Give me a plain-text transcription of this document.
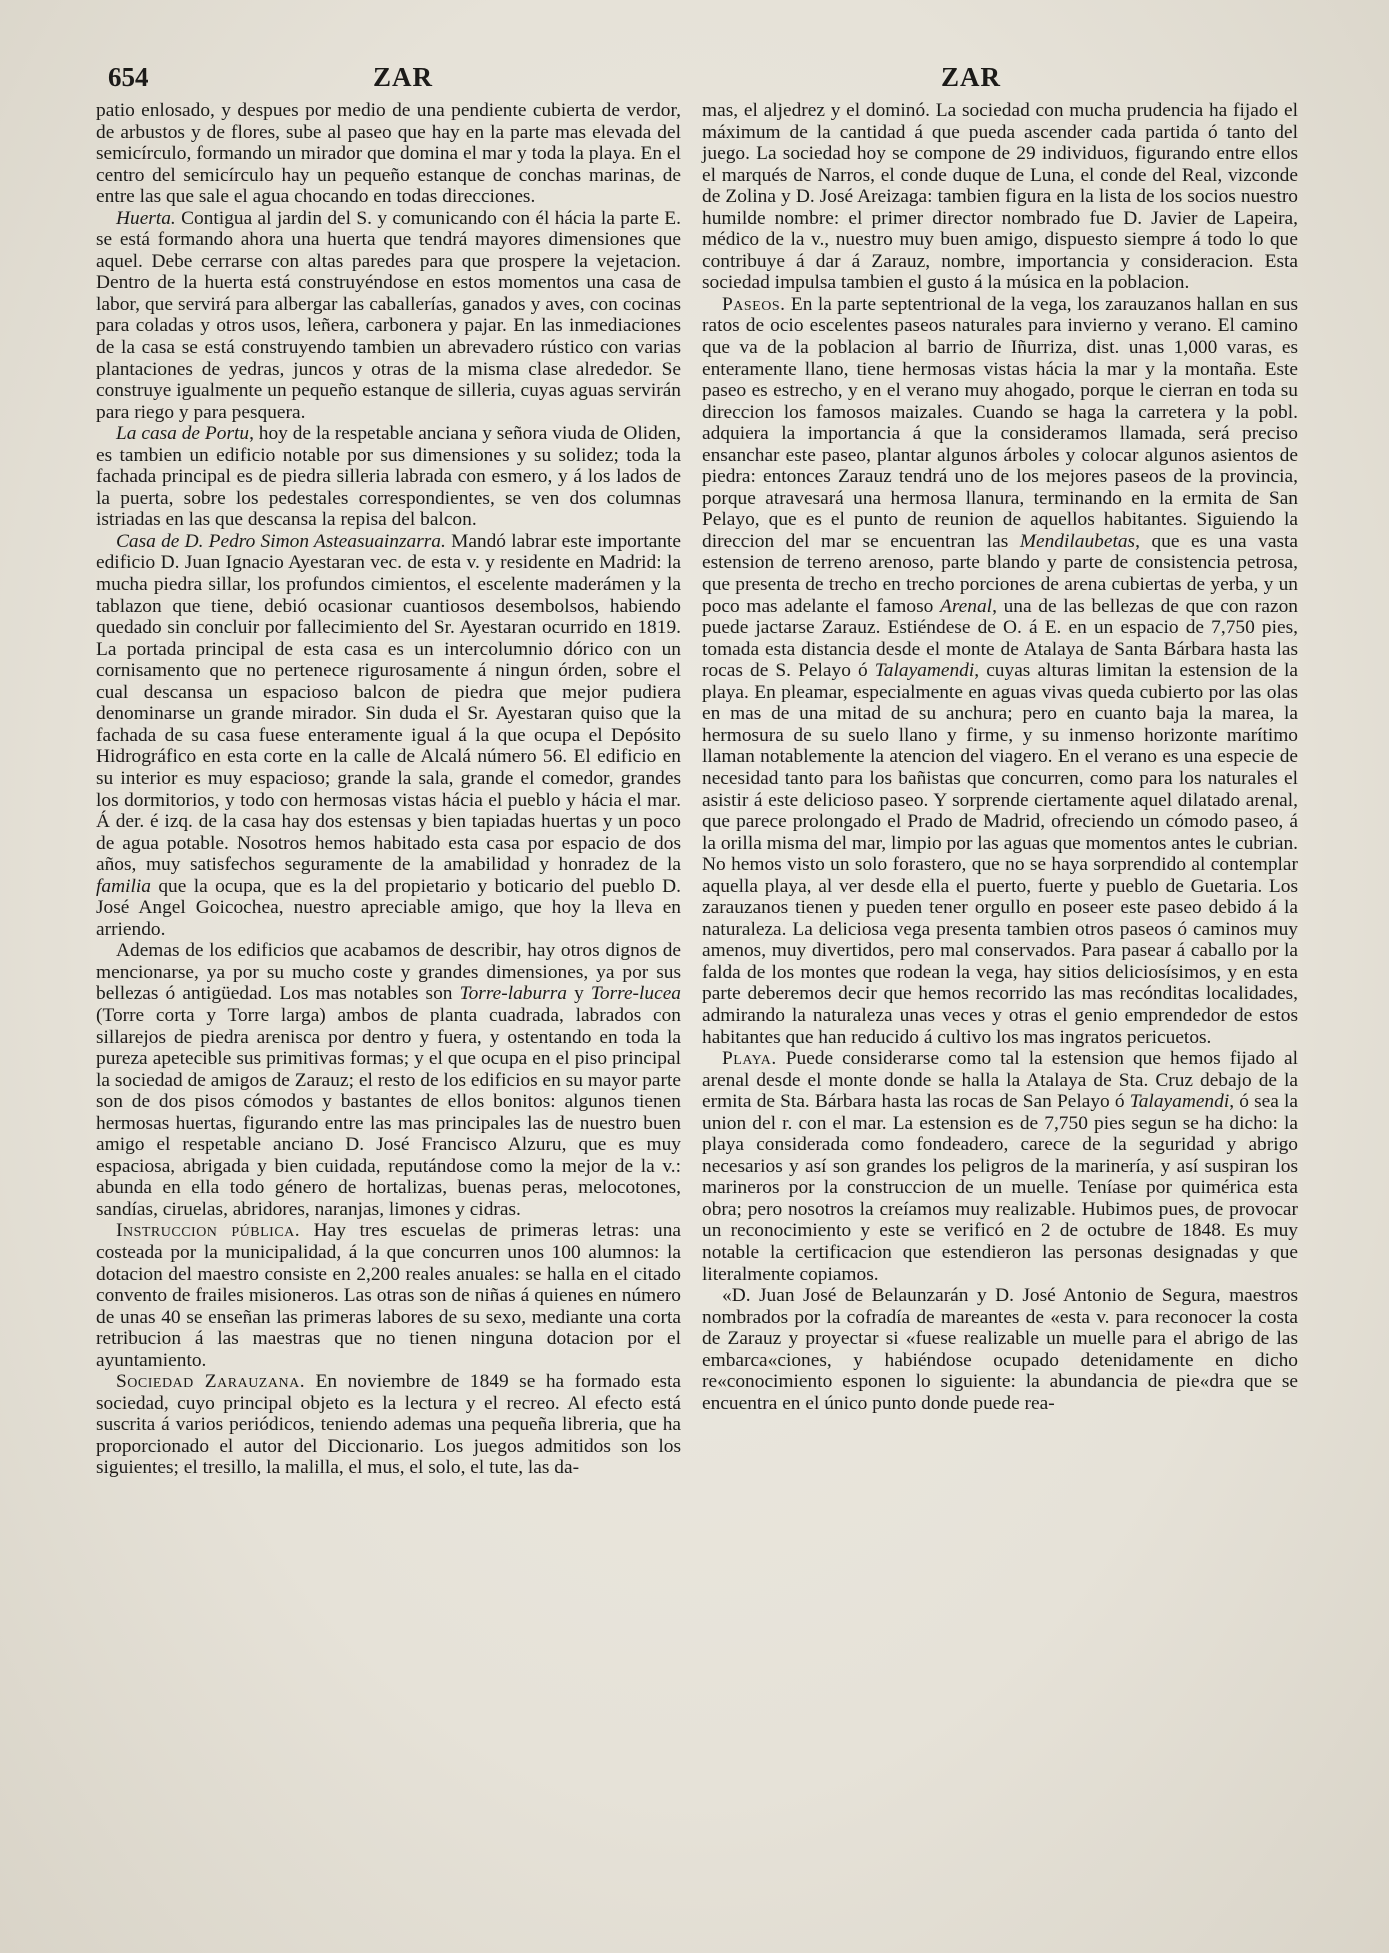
654	ZAR	ZAR

patio enlosado, y despues por medio de una pendiente cubierta de verdor, de arbustos y de flores, sube al paseo que hay en la parte mas elevada del semicírculo, formando un mirador que domina el mar y toda la playa. En el centro del semicírculo hay un pequeño estanque de conchas marinas, de entre las que sale el agua chocando en todas direcciones.

Huerta. Contigua al jardin del S. y comunicando con él hácia la parte E. se está formando ahora una huerta que tendrá mayores dimensiones que aquel. Debe cerrarse con altas paredes para que prospere la vejetacion. Dentro de la huerta está construyéndose en estos momentos una casa de labor, que servirá para albergar las caballerías, ganados y aves, con cocinas para coladas y otros usos, leñera, carbonera y pajar. En las inmediaciones de la casa se está construyendo tambien un abrevadero rústico con varias plantaciones de yedras, juncos y otras de la misma clase alrededor. Se construye igualmente un pequeño estanque de silleria, cuyas aguas servirán para riego y para pesquera.

La casa de Portu, hoy de la respetable anciana y señora viuda de Oliden, es tambien un edificio notable por sus dimensiones y su solidez; toda la fachada principal es de piedra silleria labrada con esmero, y á los lados de la puerta, sobre los pedestales correspondientes, se ven dos columnas istriadas en las que descansa la repisa del balcon.

Casa de D. Pedro Simon Asteasuainzarra. Mandó labrar este importante edificio D. Juan Ignacio Ayestaran vec. de esta v. y residente en Madrid: la mucha piedra sillar, los profundos cimientos, el escelente maderámen y la tablazon que tiene, debió ocasionar cuantiosos desembolsos, habiendo quedado sin concluir por fallecimiento del Sr. Ayestaran ocurrido en 1819. La portada principal de esta casa es un intercolumnio dórico con un cornisamento que no pertenece rigurosamente á ningun órden, sobre el cual descansa un espacioso balcon de piedra que mejor pudiera denominarse un grande mirador. Sin duda el Sr. Ayestaran quiso que la fachada de su casa fuese enteramente igual á la que ocupa el Depósito Hidrográfico en esta corte en la calle de Alcalá número 56. El edificio en su interior es muy espacioso; grande la sala, grande el comedor, grandes los dormitorios, y todo con hermosas vistas hácia el pueblo y hácia el mar. Á der. é izq. de la casa hay dos estensas y bien tapiadas huertas y un poco de agua potable. Nosotros hemos habitado esta casa por espacio de dos años, muy satisfechos seguramente de la amabilidad y honradez de la familia que la ocupa, que es la del propietario y boticario del pueblo D. José Angel Goicochea, nuestro apreciable amigo, que hoy la lleva en arriendo.

Ademas de los edificios que acabamos de describir, hay otros dignos de mencionarse, ya por su mucho coste y grandes dimensiones, ya por sus bellezas ó antigüedad. Los mas notables son Torre-laburra y Torre-lucea (Torre corta y Torre larga) ambos de planta cuadrada, labrados con sillarejos de piedra arenisca por dentro y fuera, y ostentando en toda la pureza apetecible sus primitivas formas; y el que ocupa en el piso principal la sociedad de amigos de Zarauz; el resto de los edificios en su mayor parte son de dos pisos cómodos y bastantes de ellos bonitos: algunos tienen hermosas huertas, figurando entre las mas principales las de nuestro buen amigo el respetable anciano D. José Francisco Alzuru, que es muy espaciosa, abrigada y bien cuidada, reputándose como la mejor de la v.: abunda en ella todo género de hortalizas, buenas peras, melocotones, sandías, ciruelas, abridores, naranjas, limones y cidras.

Instruccion pública. Hay tres escuelas de primeras letras: una costeada por la municipalidad, á la que concurren unos 100 alumnos: la dotacion del maestro consiste en 2,200 reales anuales: se halla en el citado convento de frailes misioneros. Las otras son de niñas á quienes en número de unas 40 se enseñan las primeras labores de su sexo, mediante una corta retribucion á las maestras que no tienen ninguna dotacion por el ayuntamiento.

Sociedad Zarauzana. En noviembre de 1849 se ha formado esta sociedad, cuyo principal objeto es la lectura y el recreo. Al efecto está suscrita á varios periódicos, teniendo ademas una pequeña libreria, que ha proporcionado el autor del Diccionario. Los juegos admitidos son los siguientes; el tresillo, la malilla, el mus, el solo, el tute, las da-

mas, el aljedrez y el dominó. La sociedad con mucha prudencia ha fijado el máximum de la cantidad á que pueda ascender cada partida ó tanto del juego. La sociedad hoy se compone de 29 individuos, figurando entre ellos el marqués de Narros, el conde duque de Luna, el conde del Real, vizconde de Zolina y D. José Areizaga: tambien figura en la lista de los socios nuestro humilde nombre: el primer director nombrado fue D. Javier de Lapeira, médico de la v., nuestro muy buen amigo, dispuesto siempre á todo lo que contribuye á dar á Zarauz, nombre, importancia y consideracion. Esta sociedad impulsa tambien el gusto á la música en la poblacion.

Paseos. En la parte septentrional de la vega, los zarauzanos hallan en sus ratos de ocio escelentes paseos naturales para invierno y verano. El camino que va de la poblacion al barrio de Iñurriza, dist. unas 1,000 varas, es enteramente llano, tiene hermosas vistas hácia la mar y la montaña. Este paseo es estrecho, y en el verano muy ahogado, porque le cierran en toda su direccion los famosos maizales. Cuando se haga la carretera y la pobl. adquiera la importancia á que la consideramos llamada, será preciso ensanchar este paseo, plantar algunos árboles y colocar algunos asientos de piedra: entonces Zarauz tendrá uno de los mejores paseos de la provincia, porque atravesará una hermosa llanura, terminando en la ermita de San Pelayo, que es el punto de reunion de aquellos habitantes. Siguiendo la direccion del mar se encuentran las Mendilaubetas, que es una vasta estension de terreno arenoso, parte blando y parte de consistencia petrosa, que presenta de trecho en trecho porciones de arena cubiertas de yerba, y un poco mas adelante el famoso Arenal, una de las bellezas de que con razon puede jactarse Zarauz. Estiéndese de O. á E. en un espacio de 7,750 pies, tomada esta distancia desde el monte de Atalaya de Santa Bárbara hasta las rocas de S. Pelayo ó Talayamendi, cuyas alturas limitan la estension de la playa. En pleamar, especialmente en aguas vivas queda cubierto por las olas en mas de una mitad de su anchura; pero en cuanto baja la marea, la hermosura de su suelo llano y firme, y su inmenso horizonte marítimo llaman notablemente la atencion del viagero. En el verano es una especie de necesidad tanto para los bañistas que concurren, como para los naturales el asistir á este delicioso paseo. Y sorprende ciertamente aquel dilatado arenal, que parece prolongado el Prado de Madrid, ofreciendo un cómodo paseo, á la orilla misma del mar, limpio por las aguas que momentos antes le cubrian. No hemos visto un solo forastero, que no se haya sorprendido al contemplar aquella playa, al ver desde ella el puerto, fuerte y pueblo de Guetaria. Los zarauzanos tienen y pueden tener orgullo en poseer este paseo debido á la naturaleza. La deliciosa vega presenta tambien otros paseos ó caminos muy amenos, muy divertidos, pero mal conservados. Para pasear á caballo por la falda de los montes que rodean la vega, hay sitios deliciosísimos, y en esta parte deberemos decir que hemos recorrido las mas recónditas localidades, admirando la naturaleza unas veces y otras el genio emprendedor de estos habitantes que han reducido á cultivo los mas ingratos pericuetos.

Playa. Puede considerarse como tal la estension que hemos fijado al arenal desde el monte donde se halla la Atalaya de Sta. Cruz debajo de la ermita de Sta. Bárbara hasta las rocas de San Pelayo ó Talayamendi, ó sea la union del r. con el mar. La estension es de 7,750 pies segun se ha dicho: la playa considerada como fondeadero, carece de la seguridad y abrigo necesarios y así son grandes los peligros de la marinería, y así suspiran los marineros por la construccion de un muelle. Teníase por quimérica esta obra; pero nosotros la creíamos muy realizable. Hubimos pues, de provocar un reconocimiento y este se verificó en 2 de octubre de 1848. Es muy notable la certificacion que estendieron las personas designadas y que literalmente copiamos.

«D. Juan José de Belaunzarán y D. José Antonio de Segura, maestros nombrados por la cofradía de mareantes de «esta v. para reconocer la costa de Zarauz y proyectar si «fuese realizable un muelle para el abrigo de las embarca«ciones, y habiéndose ocupado detenidamente en dicho re«conocimiento esponen lo siguiente: la abundancia de pie«dra que se encuentra en el único punto donde puede rea-
